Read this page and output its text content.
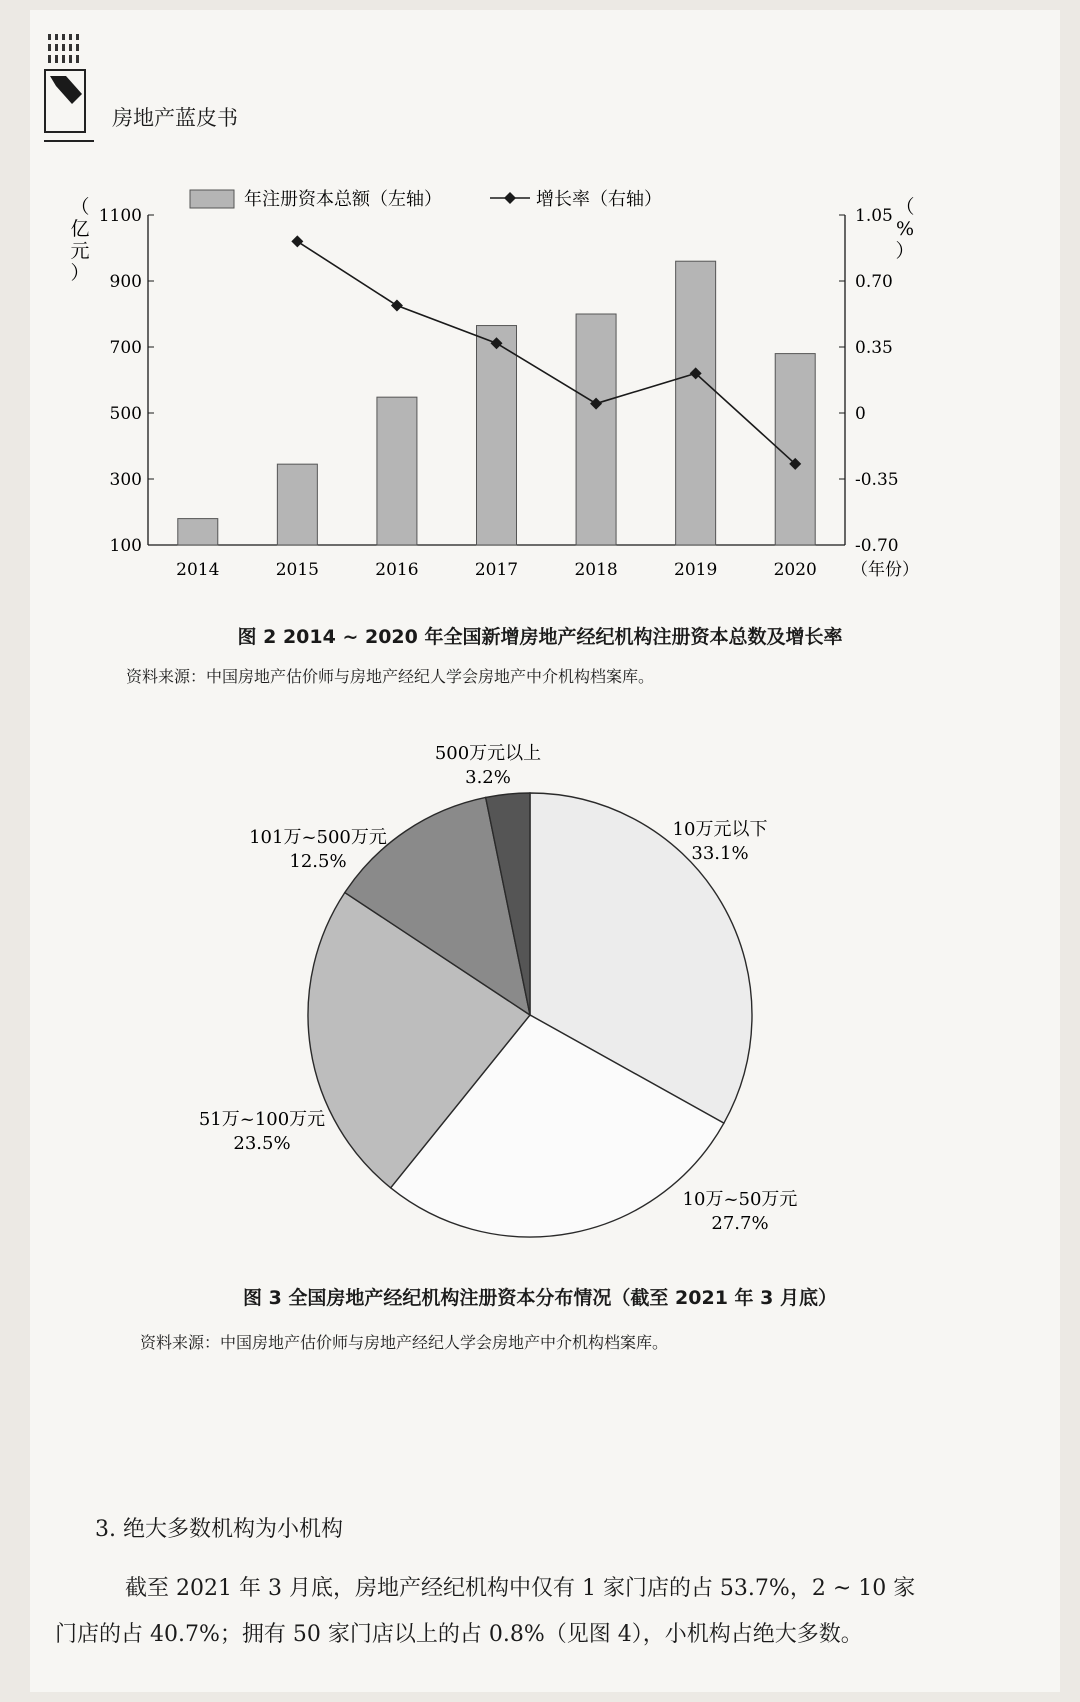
房地产蓝皮书
年注册资本总额（左轴）	增长率（右轴）
100
300
500
700
900
1100
-0.70
-0.35
0
0.35
0.70
1.05
（亿元）
（%）
2014	2015	2016	2017	2018	2019	2020 （年份）
图 2 2014 ~ 2020 年全国新增房地产经纪机构注册资本总数及增长率
资料来源：中国房地产估价师与房地产经纪人学会房地产中介机构档案库。
10万元以下
33.1%
10万~50万元
27.7%
51万~100万元
23.5%
101万~500万元
12.5%
500万元以上
3.2%
图 3 全国房地产经纪机构注册资本分布情况（截至 2021 年 3 月底）
资料来源：中国房地产估价师与房地产经纪人学会房地产中介机构档案库。
3. 绝大多数机构为小机构
截至 2021 年 3 月底，房地产经纪机构中仅有 1 家门店的占 53.7%，2 ~ 10 家
门店的占 40.7%；拥有 50 家门店以上的占 0.8%（见图 4），小机构占绝大多数。
